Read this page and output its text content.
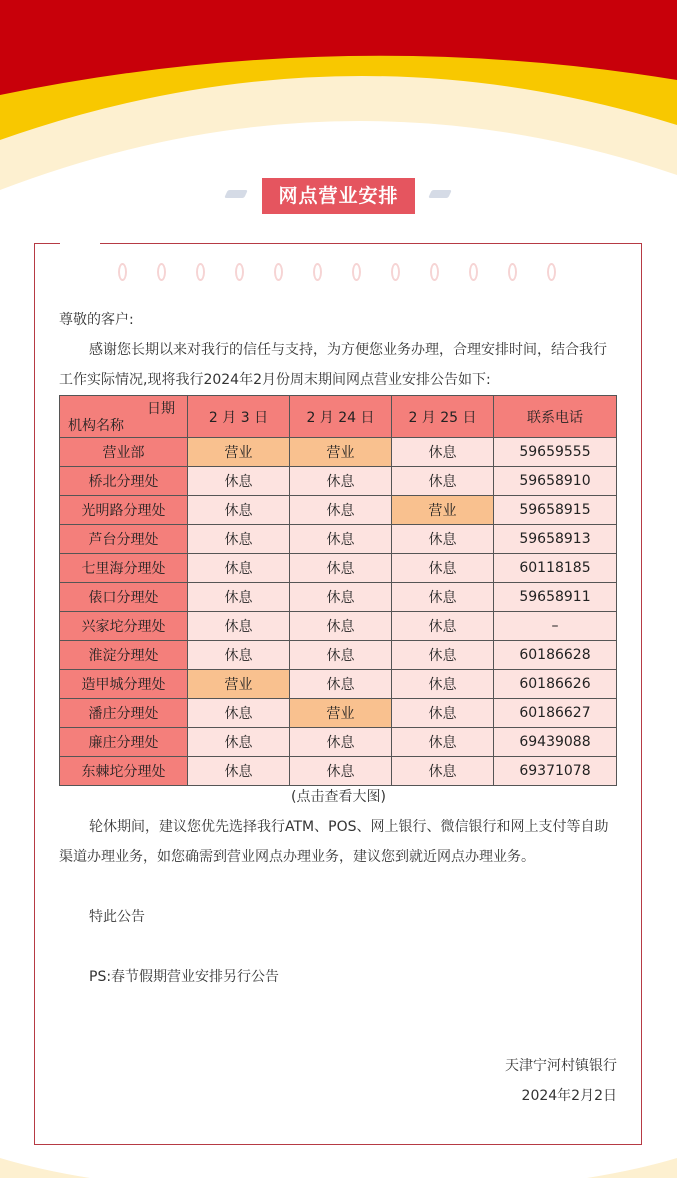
网点营业安排
尊敬的客户:
感谢您长期以来对我行的信任与支持，为方便您业务办理，合理安排时间，结合我行工作实际情况,现将我行2024年2月份周末期间网点营业安排公告如下:
日期
机构名称	2 月 3 日	2 月 24 日	2 月 25 日	联系电话
营业部	营业	营业	休息	59659555
桥北分理处	休息	休息	休息	59658910
光明路分理处	休息	休息	营业	59658915
芦台分理处	休息	休息	休息	59658913
七里海分理处	休息	休息	休息	60118185
俵口分理处	休息	休息	休息	59658911
兴家坨分理处	休息	休息	休息	–
淮淀分理处	休息	休息	休息	60186628
造甲城分理处	营业	休息	休息	60186626
潘庄分理处	休息	营业	休息	60186627
廉庄分理处	休息	休息	休息	69439088
东棘坨分理处	休息	休息	休息	69371078
(点击查看大图)
轮休期间，建议您优先选择我行ATM、POS、网上银行、微信银行和网上支付等自助渠道办理业务，如您确需到营业网点办理业务，建议您到就近网点办理业务。
特此公告
PS:春节假期营业安排另行公告
天津宁河村镇银行
2024年2月2日
